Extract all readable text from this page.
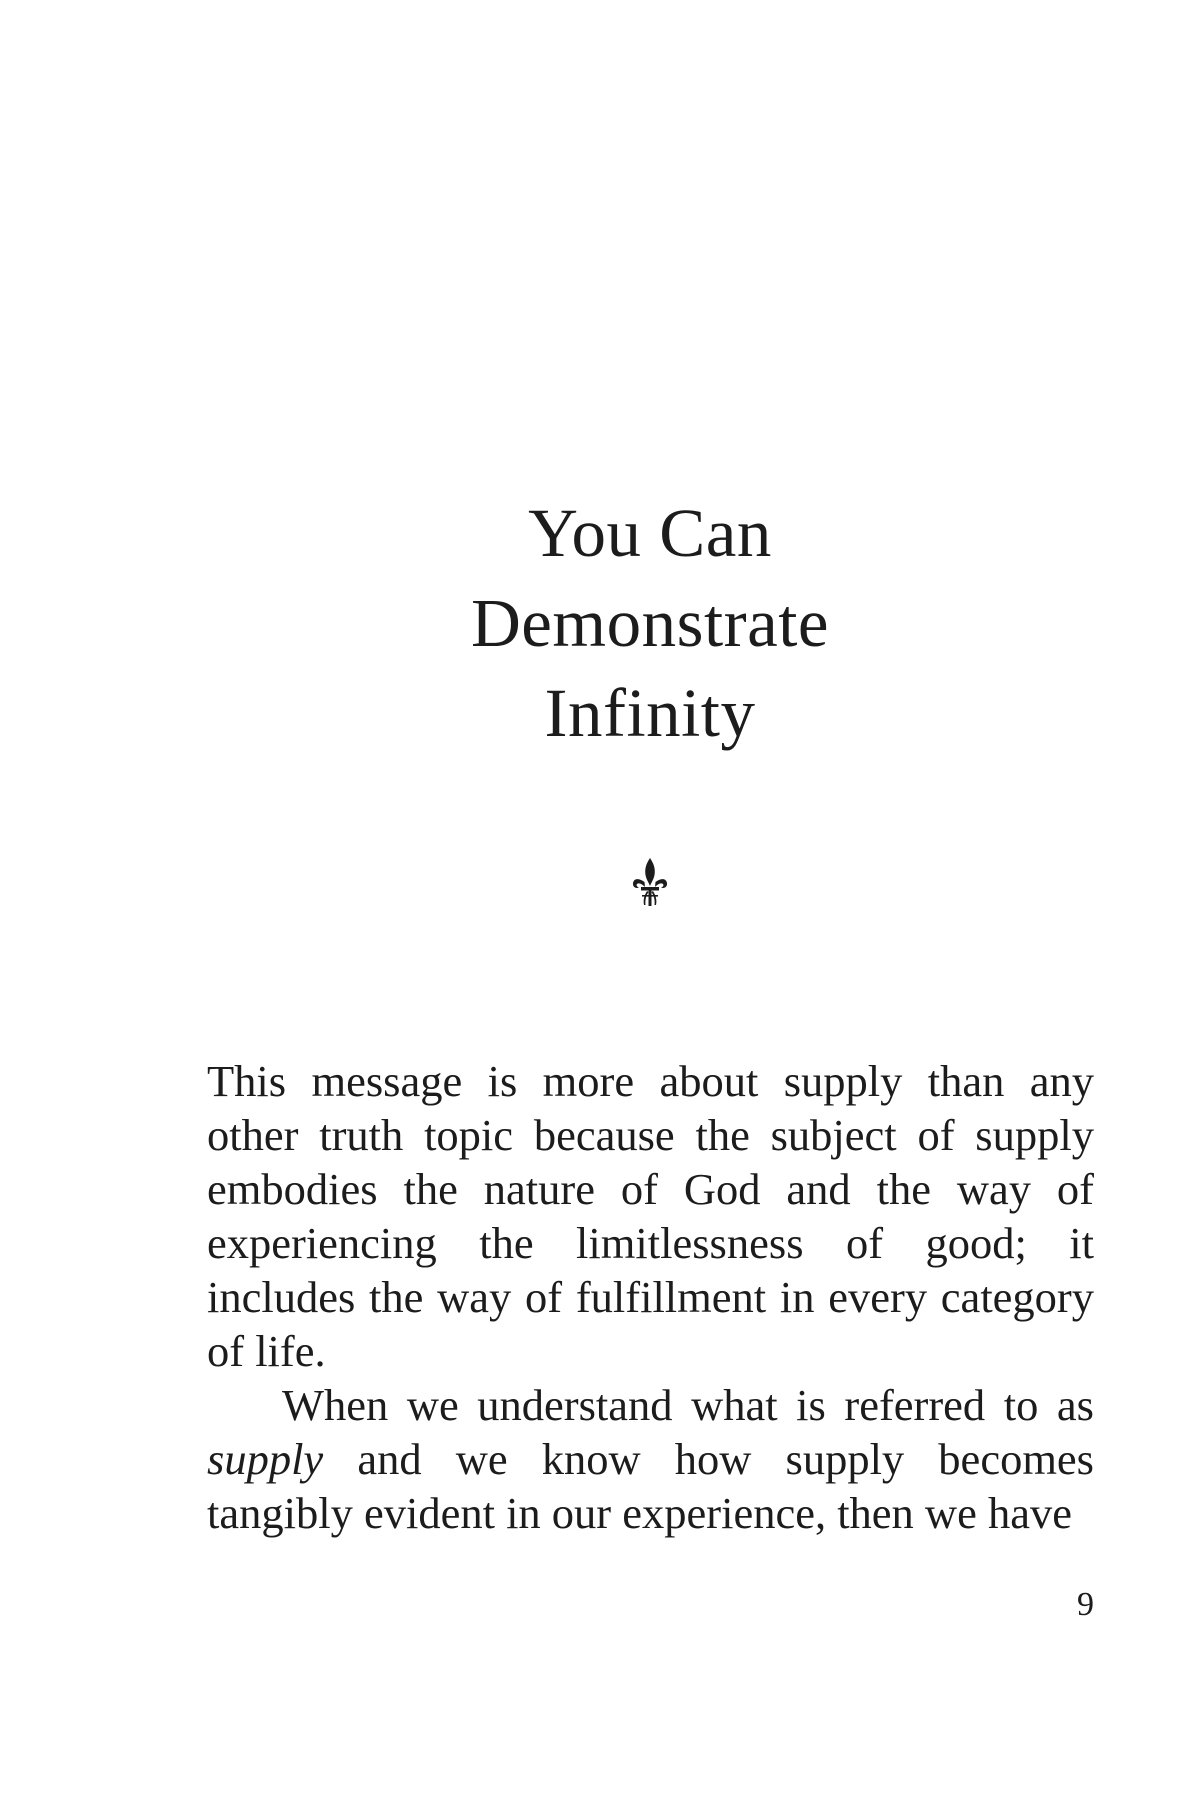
You Can
Demonstrate
Infinity

This message is more about supply than any other truth topic because the subject of supply embodies the nature of God and the way of experiencing the limitlessness of good; it includes the way of fulfillment in every category of life.

When we understand what is referred to as supply and we know how supply becomes tangibly evident in our experience, then we have

9
